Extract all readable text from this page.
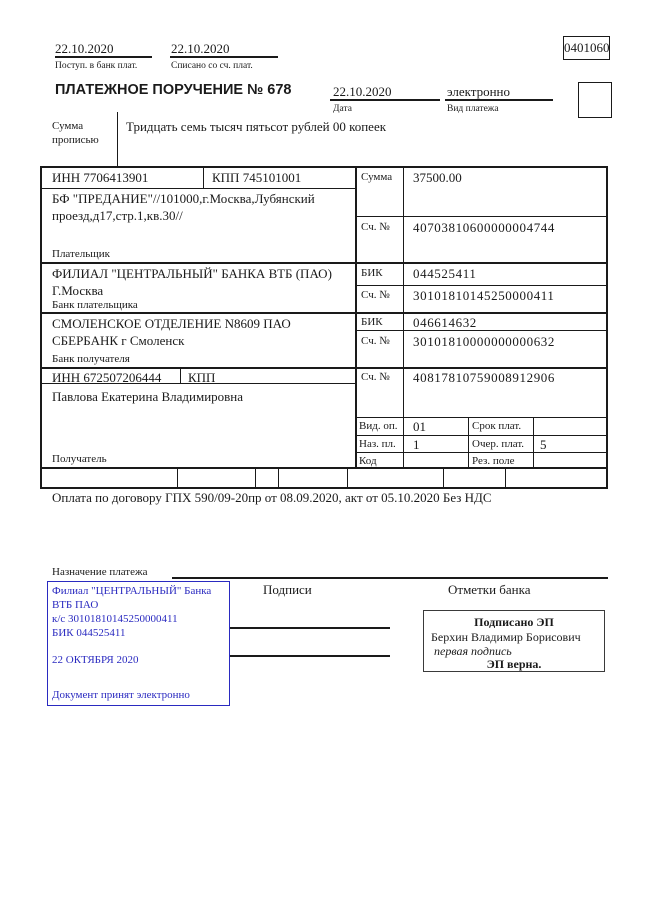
22.10.2020
Поступ. в банк плат.
22.10.2020
Списано со сч. плат.
0401060
ПЛАТЕЖНОЕ ПОРУЧЕНИЕ № 678	22.10.2020
Дата
электронно
Вид платежа
Сумма
прописью
Тридцать семь тысяч пятьсот рублей 00 копеек
ИНН 7706413901	КПП 745101001	Сумма 37500.00
БФ "ПРЕДАНИЕ"//101000,г.Москва,Лубянский
проезд,д17,стр.1,кв.30//
Сч. № 40703810600000004744
Плательщик
ФИЛИАЛ "ЦЕНТРАЛЬНЫЙ" БАНКА ВТБ (ПАО)
Г.Москва
БИК 044525411
Сч. № 30101810145250000411
Банк плательщика
СМОЛЕНСКОЕ ОТДЕЛЕНИЕ N8609 ПАО
СБЕРБАНК г Смоленск
БИК 046614632
Сч. № 30101810000000000632
Банк получателя
ИНН 672507206444 КПП	Сч. № 40817810759008912906
Павлова Екатерина Владимировна
Вид. оп. 01	Срок плат.
Наз. пл. 1	Очер. плат. 5
Код	Рез. поле
Получатель
Оплата по договору ГПХ 590/09-20пр от 08.09.2020, акт от 05.10.2020 Без НДС
Назначение платежа
Подписи	Отметки банка
Подписано ЭП
Берхин Владимир Борисович
первая подпись
ЭП верна.
Филиал "ЦЕНТРАЛЬНЫЙ" Банка
ВТБ ПАО
к/с 30101810145250000411
БИК 044525411
22 ОКТЯБРЯ 2020
Документ принят электронно
